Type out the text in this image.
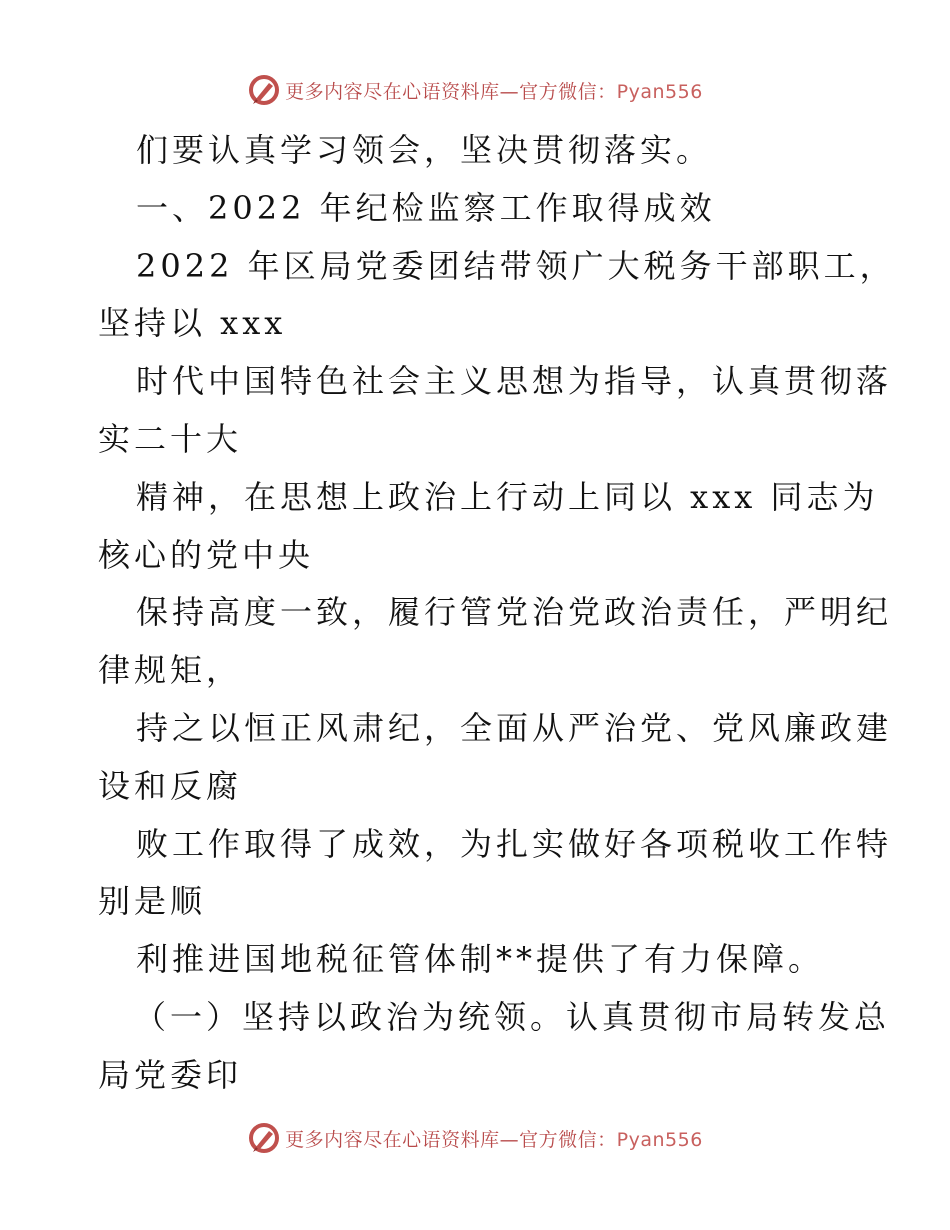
更多内容尽在心语资料库—官方微信：Pyan556
们要认真学习领会，坚决贯彻落实。
一、2022 年纪检监察工作取得成效
2022 年区局党委团结带领广大税务干部职工，
坚持以 xxx
时代中国特色社会主义思想为指导，认真贯彻落
实二十大
精神，在思想上政治上行动上同以 xxx 同志为
核心的党中央
保持高度一致，履行管党治党政治责任，严明纪
律规矩，
持之以恒正风肃纪，全面从严治党、党风廉政建
设和反腐
败工作取得了成效，为扎实做好各项税收工作特
别是顺
利推进国地税征管体制**提供了有力保障。
（一）坚持以政治为统领。认真贯彻市局转发总
局党委印
更多内容尽在心语资料库—官方微信：Pyan556
